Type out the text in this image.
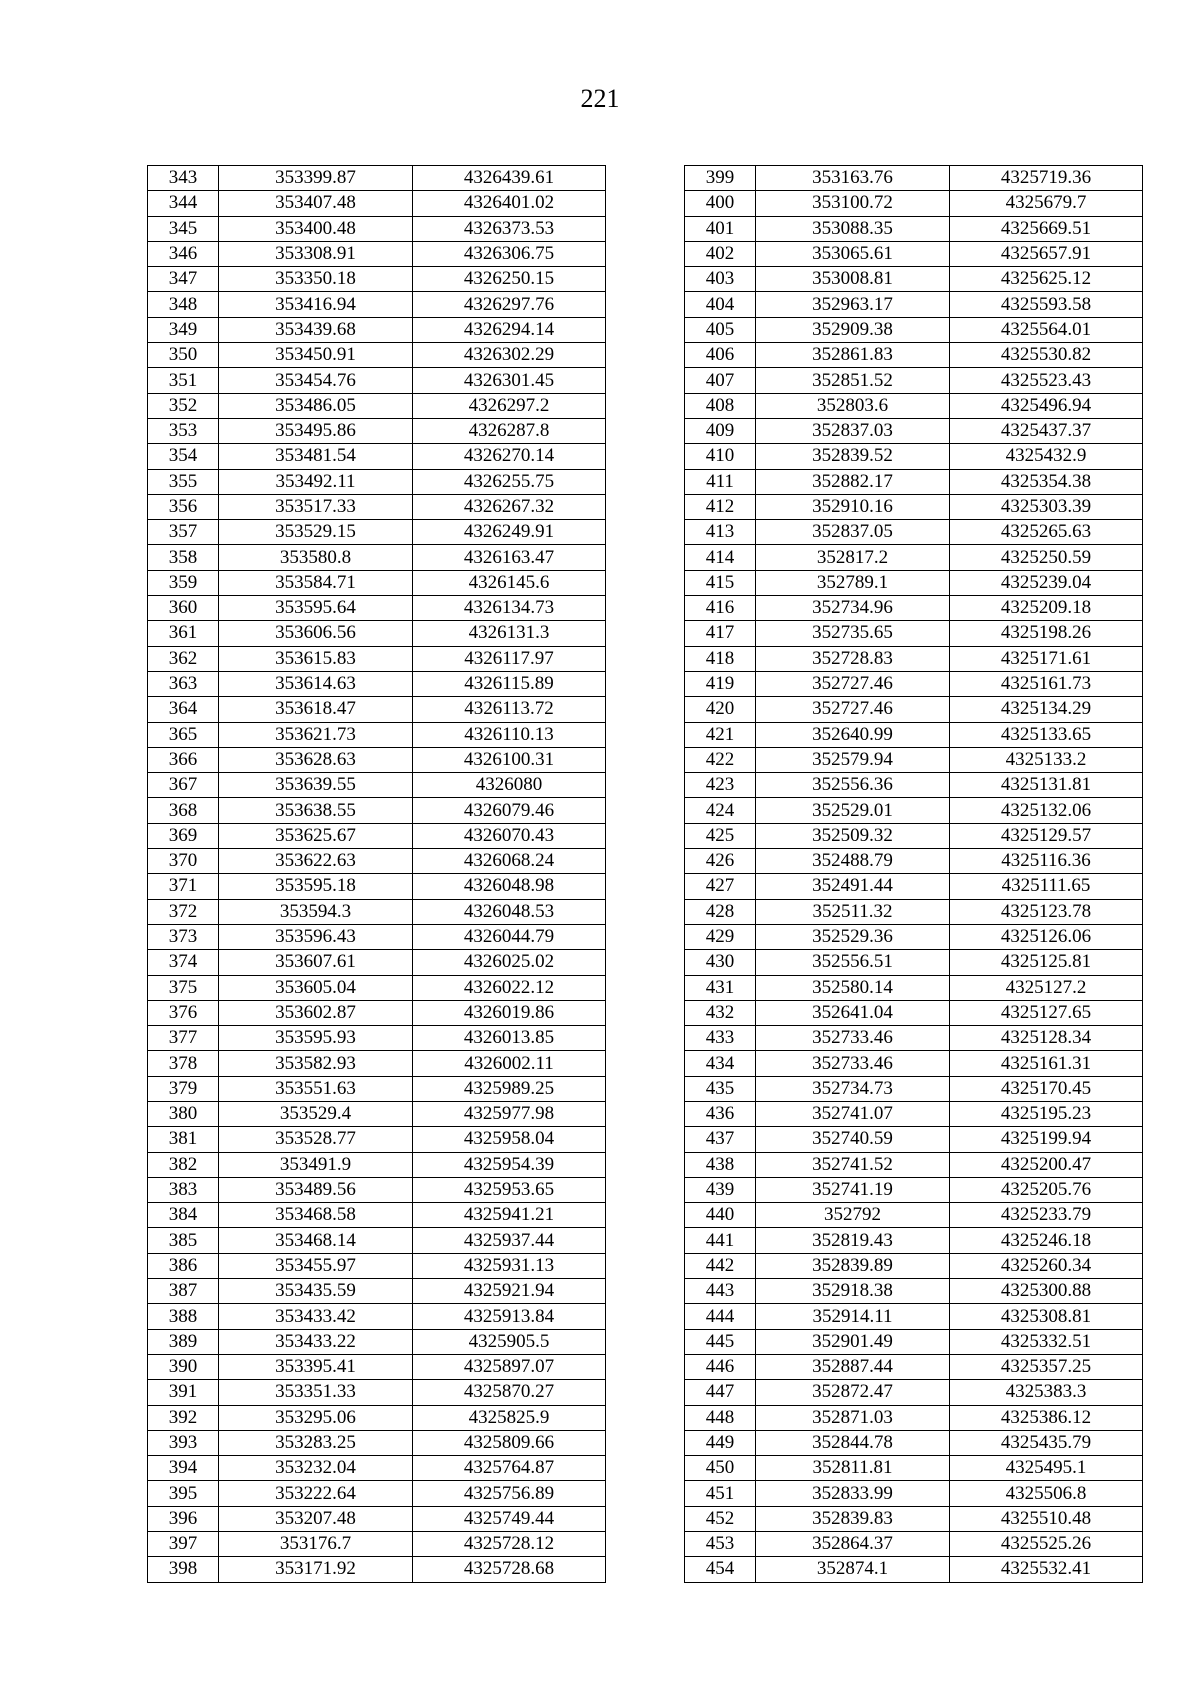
221
343	353399.87	4326439.61
344	353407.48	4326401.02
345	353400.48	4326373.53
346	353308.91	4326306.75
347	353350.18	4326250.15
348	353416.94	4326297.76
349	353439.68	4326294.14
350	353450.91	4326302.29
351	353454.76	4326301.45
352	353486.05	4326297.2
353	353495.86	4326287.8
354	353481.54	4326270.14
355	353492.11	4326255.75
356	353517.33	4326267.32
357	353529.15	4326249.91
358	353580.8	4326163.47
359	353584.71	4326145.6
360	353595.64	4326134.73
361	353606.56	4326131.3
362	353615.83	4326117.97
363	353614.63	4326115.89
364	353618.47	4326113.72
365	353621.73	4326110.13
366	353628.63	4326100.31
367	353639.55	4326080
368	353638.55	4326079.46
369	353625.67	4326070.43
370	353622.63	4326068.24
371	353595.18	4326048.98
372	353594.3	4326048.53
373	353596.43	4326044.79
374	353607.61	4326025.02
375	353605.04	4326022.12
376	353602.87	4326019.86
377	353595.93	4326013.85
378	353582.93	4326002.11
379	353551.63	4325989.25
380	353529.4	4325977.98
381	353528.77	4325958.04
382	353491.9	4325954.39
383	353489.56	4325953.65
384	353468.58	4325941.21
385	353468.14	4325937.44
386	353455.97	4325931.13
387	353435.59	4325921.94
388	353433.42	4325913.84
389	353433.22	4325905.5
390	353395.41	4325897.07
391	353351.33	4325870.27
392	353295.06	4325825.9
393	353283.25	4325809.66
394	353232.04	4325764.87
395	353222.64	4325756.89
396	353207.48	4325749.44
397	353176.7	4325728.12
398	353171.92	4325728.68
399	353163.76	4325719.36
400	353100.72	4325679.7
401	353088.35	4325669.51
402	353065.61	4325657.91
403	353008.81	4325625.12
404	352963.17	4325593.58
405	352909.38	4325564.01
406	352861.83	4325530.82
407	352851.52	4325523.43
408	352803.6	4325496.94
409	352837.03	4325437.37
410	352839.52	4325432.9
411	352882.17	4325354.38
412	352910.16	4325303.39
413	352837.05	4325265.63
414	352817.2	4325250.59
415	352789.1	4325239.04
416	352734.96	4325209.18
417	352735.65	4325198.26
418	352728.83	4325171.61
419	352727.46	4325161.73
420	352727.46	4325134.29
421	352640.99	4325133.65
422	352579.94	4325133.2
423	352556.36	4325131.81
424	352529.01	4325132.06
425	352509.32	4325129.57
426	352488.79	4325116.36
427	352491.44	4325111.65
428	352511.32	4325123.78
429	352529.36	4325126.06
430	352556.51	4325125.81
431	352580.14	4325127.2
432	352641.04	4325127.65
433	352733.46	4325128.34
434	352733.46	4325161.31
435	352734.73	4325170.45
436	352741.07	4325195.23
437	352740.59	4325199.94
438	352741.52	4325200.47
439	352741.19	4325205.76
440	352792	4325233.79
441	352819.43	4325246.18
442	352839.89	4325260.34
443	352918.38	4325300.88
444	352914.11	4325308.81
445	352901.49	4325332.51
446	352887.44	4325357.25
447	352872.47	4325383.3
448	352871.03	4325386.12
449	352844.78	4325435.79
450	352811.81	4325495.1
451	352833.99	4325506.8
452	352839.83	4325510.48
453	352864.37	4325525.26
454	352874.1	4325532.41
